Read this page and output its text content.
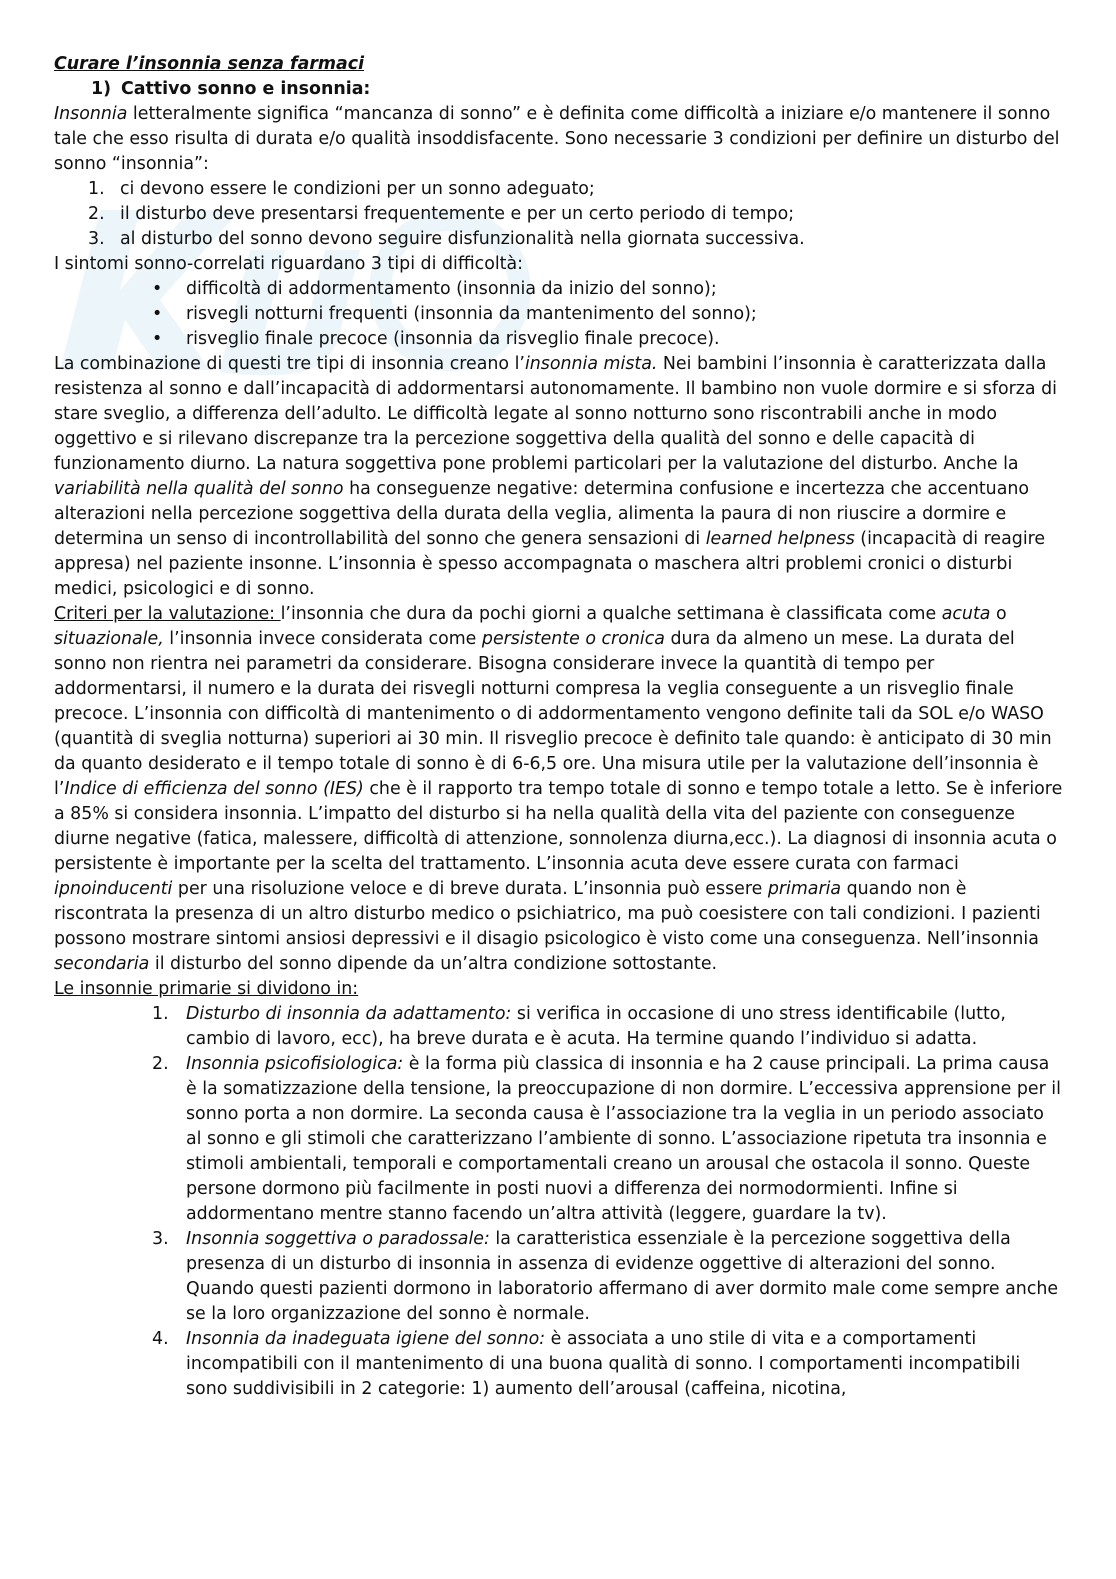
Curare l’insonnia senza farmaci

1) Cattivo sonno e insonnia:

Insonnia letteralmente significa “mancanza di sonno” e è definita come difficoltà a iniziare e/o mantenere il sonno tale che esso risulta di durata e/o qualità insoddisfacente. Sono necessarie 3 condizioni per definire un disturbo del sonno “insonnia”:

1. ci devono essere le condizioni per un sonno adeguato;
2. il disturbo deve presentarsi frequentemente e per un certo periodo di tempo;
3. al disturbo del sonno devono seguire disfunzionalità nella giornata successiva.

I sintomi sonno-correlati riguardano 3 tipi di difficoltà:

• difficoltà di addormentamento (insonnia da inizio del sonno);
• risvegli notturni frequenti (insonnia da mantenimento del sonno);
• risveglio finale precoce (insonnia da risveglio finale precoce).

La combinazione di questi tre tipi di insonnia creano l’insonnia mista. Nei bambini l’insonnia è caratterizzata dalla resistenza al sonno e dall’incapacità di addormentarsi autonomamente. Il bambino non vuole dormire e si sforza di stare sveglio, a differenza dell’adulto. Le difficoltà legate al sonno notturno sono riscontrabili anche in modo oggettivo e si rilevano discrepanze tra la percezione soggettiva della qualità del sonno e delle capacità di funzionamento diurno. La natura soggettiva pone problemi particolari per la valutazione del disturbo. Anche la variabilità nella qualità del sonno ha conseguenze negative: determina confusione e incertezza che accentuano alterazioni nella percezione soggettiva della durata della veglia, alimenta la paura di non riuscire a dormire e determina un senso di incontrollabilità del sonno che genera sensazioni di learned helpness (incapacità di reagire appresa) nel paziente insonne. L’insonnia è spesso accompagnata o maschera altri problemi cronici o disturbi medici, psicologici e di sonno.

Criteri per la valutazione: l’insonnia che dura da pochi giorni a qualche settimana è classificata come acuta o situazionale, l’insonnia invece considerata come persistente o cronica dura da almeno un mese. La durata del sonno non rientra nei parametri da considerare. Bisogna considerare invece la quantità di tempo per addormentarsi, il numero e la durata dei risvegli notturni compresa la veglia conseguente a un risveglio finale precoce. L’insonnia con difficoltà di mantenimento o di addormentamento vengono definite tali da SOL e/o WASO (quantità di sveglia notturna) superiori ai 30 min. Il risveglio precoce è definito tale quando: è anticipato di 30 min da quanto desiderato e il tempo totale di sonno è di 6-6,5 ore. Una misura utile per la valutazione dell’insonnia è l’Indice di efficienza del sonno (IES) che è il rapporto tra tempo totale di sonno e tempo totale a letto. Se è inferiore a 85% si considera insonnia. L’impatto del disturbo si ha nella qualità della vita del paziente con conseguenze diurne negative (fatica, malessere, difficoltà di attenzione, sonnolenza diurna,ecc.). La diagnosi di insonnia acuta o persistente è importante per la scelta del trattamento. L’insonnia acuta deve essere curata con farmaci ipnoinducenti per una risoluzione veloce e di breve durata. L’insonnia può essere primaria quando non è riscontrata la presenza di un altro disturbo medico o psichiatrico, ma può coesistere con tali condizioni. I pazienti possono mostrare sintomi ansiosi depressivi e il disagio psicologico è visto come una conseguenza. Nell’insonnia secondaria il disturbo del sonno dipende da un’altra condizione sottostante.

Le insonnie primarie si dividono in:

1. Disturbo di insonnia da adattamento: si verifica in occasione di uno stress identificabile (lutto, cambio di lavoro, ecc), ha breve durata e è acuta. Ha termine quando l’individuo si adatta.
2. Insonnia psicofisiologica: è la forma più classica di insonnia e ha 2 cause principali. La prima causa è la somatizzazione della tensione, la preoccupazione di non dormire. L’eccessiva apprensione per il sonno porta a non dormire. La seconda causa è l’associazione tra la veglia in un periodo associato al sonno e gli stimoli che caratterizzano l’ambiente di sonno. L’associazione ripetuta tra insonnia e stimoli ambientali, temporali e comportamentali creano un arousal che ostacola il sonno. Queste persone dormono più facilmente in posti nuovi a differenza dei normodormienti. Infine si addormentano mentre stanno facendo un’altra attività (leggere, guardare la tv).
3. Insonnia soggettiva o paradossale: la caratteristica essenziale è la percezione soggettiva della presenza di un disturbo di insonnia in assenza di evidenze oggettive di alterazioni del sonno. Quando questi pazienti dormono in laboratorio affermano di aver dormito male come sempre anche se la loro organizzazione del sonno è normale.
4. Insonnia da inadeguata igiene del sonno: è associata a uno stile di vita e a comportamenti incompatibili con il mantenimento di una buona qualità di sonno. I comportamenti incompatibili sono suddivisibili in 2 categorie: 1) aumento dell’arousal (caffeina, nicotina,
